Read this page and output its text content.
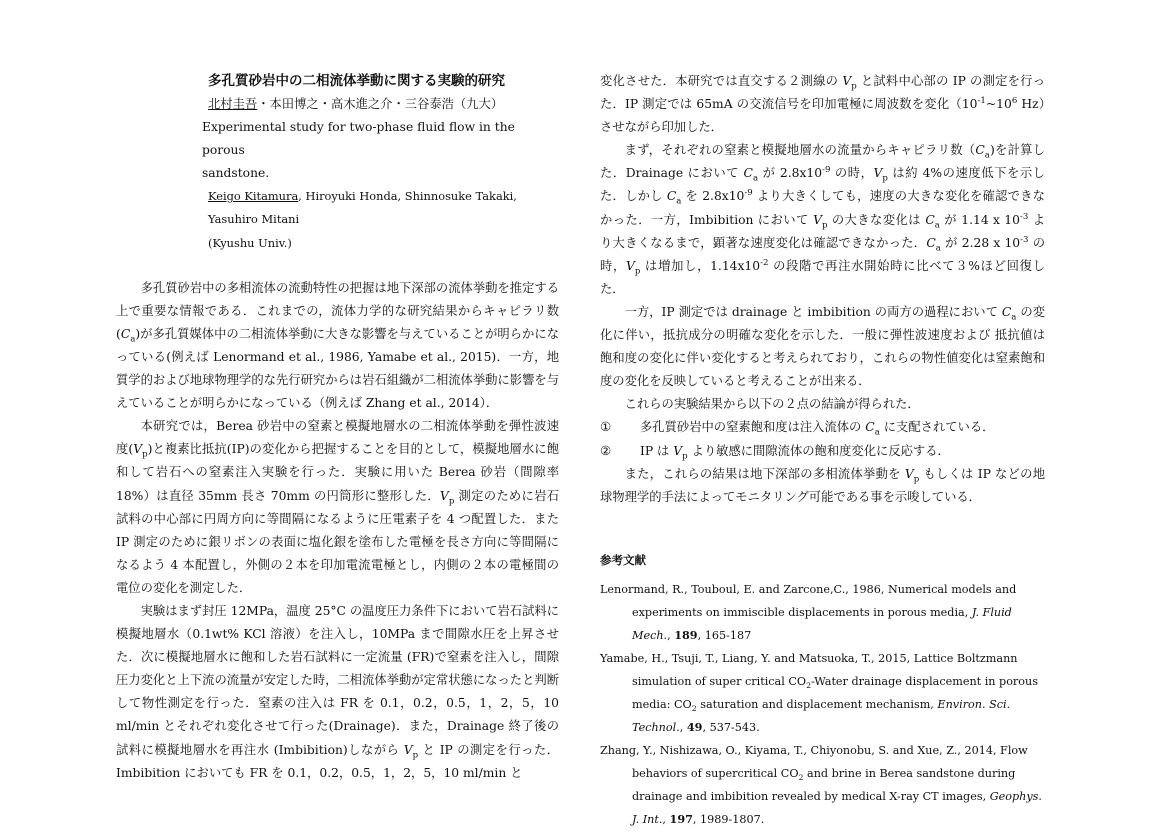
多孔質砂岩中の二相流体挙動に関する実験的研究
北村圭吾・本田博之・高木進之介・三谷泰浩（九大）
Experimental study for two-phase fluid flow in the porous
sandstone.
Keigo Kitamura, Hiroyuki Honda, Shinnosuke Takaki, Yasuhiro Mitani
(Kyushu Univ.)

多孔質砂岩中の多相流体の流動特性の把握は地下深部の流体挙動を推定する上で重要な情報である．これまでの，流体力学的な研究結果からキャピラリ数$(C_a)$が多孔質媒体中の二相流体挙動に大きな影響を与えていることが明らかになっている(例えば Lenormand et al., 1986, Yamabe et al., 2015)．一方，地質学的および地球物理学的な先行研究からは岩石組織が二相流体挙動に影響を与えていることが明らかになっている（例えば Zhang et al., 2014）．

本研究では，Berea 砂岩中の窒素と模擬地層水の二相流体挙動を弾性波速度$(V_p)$と複素比抵抗(IP)の変化から把握することを目的として，模擬地層水に飽和して岩石への窒素注入実験を行った．実験に用いた Berea 砂岩（間隙率 18%）は直径 35mm 長さ 70mm の円筒形に整形した．$V_p$ 測定のために岩石試料の中心部に円周方向に等間隔になるように圧電素子を 4 つ配置した．また IP 測定のために銀リボンの表面に塩化銀を塗布した電極を長さ方向に等間隔になるよう 4 本配置し，外側の２本を印加電流電極とし，内側の２本の電極間の電位の変化を測定した．

実験はまず封圧 12MPa，温度 25°C の温度圧力条件下において岩石試料に模擬地層水（0.1wt% KCl 溶液）を注入し，10MPa まで間隙水圧を上昇させた．次に模擬地層水に飽和した岩石試料に一定流量 (FR)で窒素を注入し，間隙圧力変化と上下流の流量が安定した時，二相流体挙動が定常状態になったと判断して物性測定を行った．窒素の注入は FR を 0.1，0.2，0.5，1，2，5，10 ml/min とそれぞれ変化させて行った(Drainage)．また，Drainage 終了後の試料に模擬地層水を再注水 (Imbibition)しながら $V_p$ と IP の測定を行った．Imbibition においても FR を 0.1，0.2，0.5，1，2，5，10 ml/min と

変化させた．本研究では直交する２測線の $V_p$ と試料中心部の IP の測定を行った．IP 測定では 65mA の交流信号を印加電極に周波数を変化（$10^{-1}\sim 10^6$ Hz）させながら印加した．

まず，それぞれの窒素と模擬地層水の流量からキャピラリ数$(C_a)$を計算した．Drainage において $C_a$ が $2.8x10^{-9}$ の時，$V_p$ は約 4%の速度低下を示した．しかし $C_a$ を $2.8x10^{-9}$ より大きくしても，速度の大きな変化を確認できなかった．一方，Imbibition において $V_p$ の大きな変化は $C_a$ が 1.14 x $10^{-3}$ より大きくなるまで，顕著な速度変化は確認できなかった．$C_a$ が 2.28 x $10^{-3}$ の時，$V_p$ は増加し，$1.14x10^{-2}$ の段階で再注水開始時に比べて３%ほど回復した．

一方，IP 測定では drainage と imbibition の両方の過程において $C_a$ の変化に伴い，抵抗成分の明確な変化を示した．一般に弾性波速度および 抵抗値は飽和度の変化に伴い変化すると考えられており，これらの物性値変化は窒素飽和度の変化を反映していると考えることが出来る．

これらの実験結果から以下の２点の結論が得られた．

①	多孔質砂岩中の窒素飽和度は注入流体の $C_a$ に支配されている．
②	IP は $V_p$ より敏感に間隙流体の飽和度変化に反応する．

また，これらの結果は地下深部の多相流体挙動を $V_p$ もしくは IP などの地球物理学的手法によってモニタリング可能である事を示唆している．

参考文献
Lenormand, R., Touboul, E. and Zarcone,C., 1986, Numerical models and experiments on immiscible displacements in porous media, J. Fluid Mech., 189, 165-187
Yamabe, H., Tsuji, T., Liang, Y. and Matsuoka, T., 2015, Lattice Boltzmann simulation of super critical $CO_2$-Water drainage displacement in porous media: $CO_2$ saturation and displacement mechanism, Environ. Sci. Technol., 49, 537-543.
Zhang, Y., Nishizawa, O., Kiyama, T., Chiyonobu, S. and Xue, Z., 2014, Flow behaviors of supercritical $CO_2$ and brine in Berea sandstone during drainage and imbibition revealed by medical X-ray CT images, Geophys. J. Int., 197, 1989-1807.
